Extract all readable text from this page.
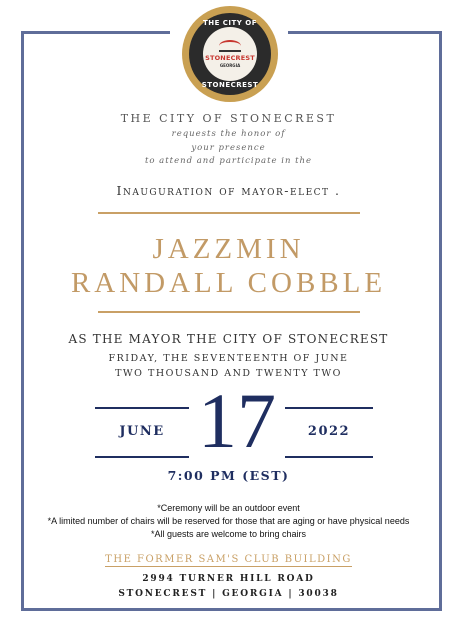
THE CITY OF
STONECREST
GEORGIA
STONECREST
THE CITY OF STONECREST
requests the honor of
your presence
to attend and participate in the
Inauguration of mayor-elect .
JAZZMIN
RANDALL COBBLE
AS THE MAYOR THE CITY OF STONECREST
FRIDAY, THE SEVENTEENTH OF JUNE
TWO THOUSAND AND TWENTY TWO
JUNE 17	2022
7:00 PM (EST)
*Ceremony will be an outdoor event
*A limited number of chairs will be reserved for those that are aging or have physical needs
*All guests are welcome to bring chairs
THE FORMER SAM'S CLUB BUILDING
2994 TURNER HILL ROAD
STONECREST | GEORGIA | 30038
